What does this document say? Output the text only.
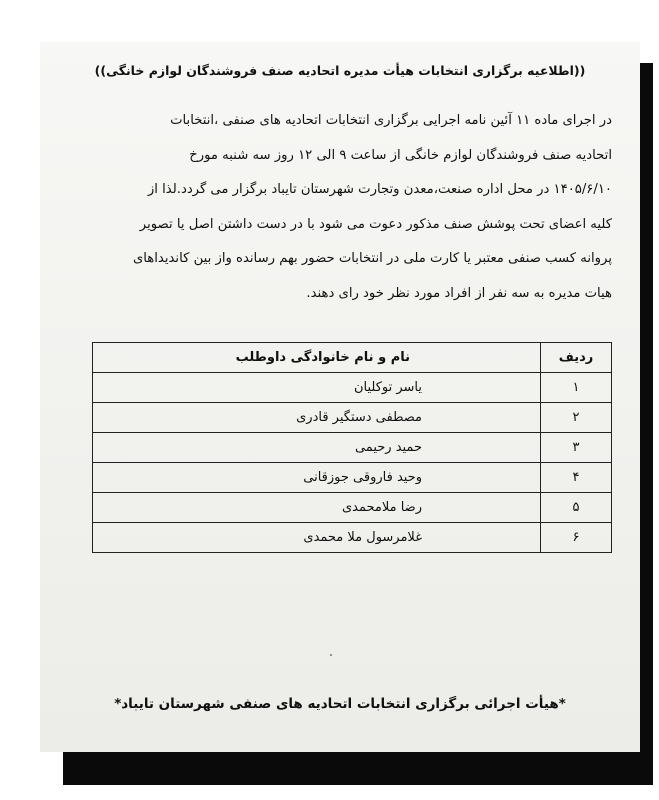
((اطلاعیه برگزاری انتخابات هیأت مدیره اتحادیه صنف فروشندگان لوازم خانگی))
در اجرای ماده ۱۱ آئین نامه اجرایی برگزاری انتخابات اتحادیه های صنفی ،انتخابات
اتحادیه صنف فروشندگان لوازم خانگی از ساعت ۹ الی ۱۲ روز سه شنبه مورخ
۱۴۰۵/۶/۱۰ در محل اداره صنعت،معدن وتجارت شهرستان تایباد برگزار می گردد.لذا از
کلیه اعضای تحت پوشش صنف مذکور دعوت می شود با در دست داشتن اصل یا تصویر
پروانه کسب صنفی معتبر یا کارت ملی در انتخابات حضور بهم رسانده واز بین کاندیداهای
هیات مدیره به سه نفر از افراد مورد نظر خود رای دهند.
ردیف	نام و نام خانوادگی داوطلب
۱	یاسر توکلیان
۲	مصطفی دستگیر قادری
۳	حمید رحیمی
۴	وحید فاروقی جوزقانی
۵	رضا ملامحمدی
۶	غلامرسول ملا محمدی
*هیأت اجرائی برگزاری انتخابات اتحادیه های صنفی شهرستان تایباد*
